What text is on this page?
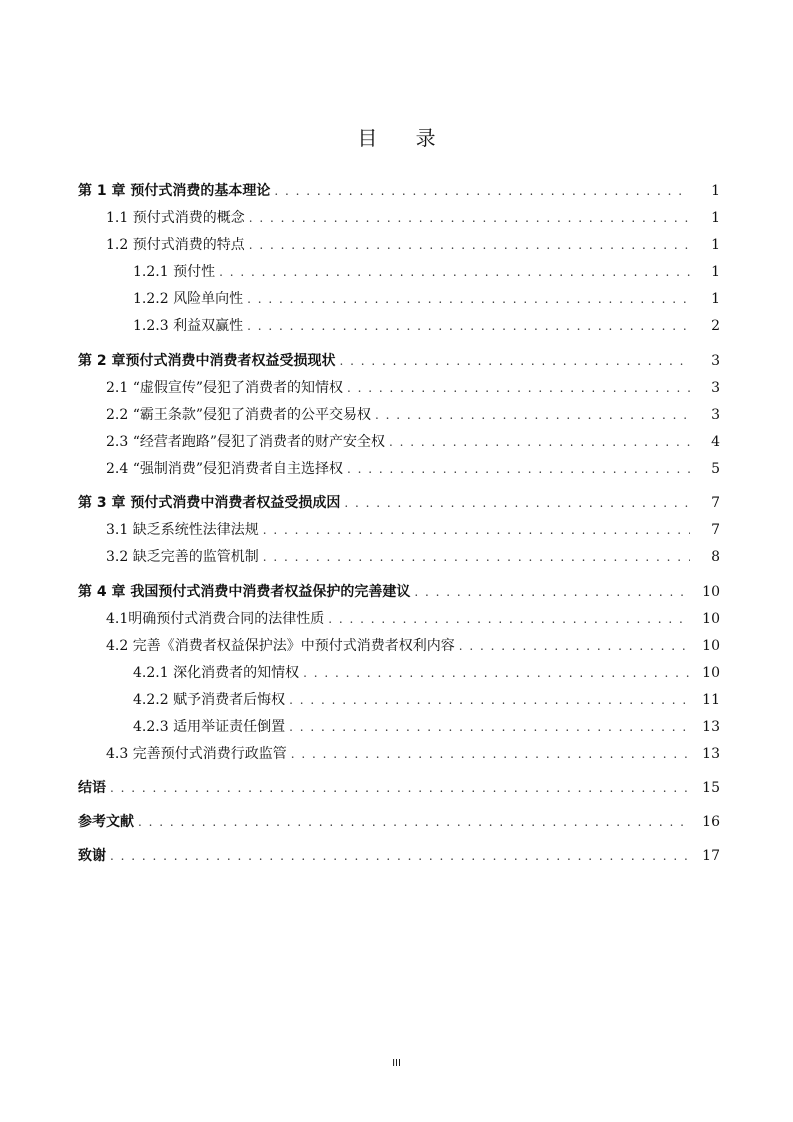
目 录
第 1 章 预付式消费的基本理论 . . .	1
1.1 预付式消费的概念 . . .	1
1.2 预付式消费的特点 . . .	1
1.2.1 预付性 . . .	1
1.2.2 风险单向性 . . .	1
1.2.3 利益双赢性 . . .	2
第 2 章预付式消费中消费者权益受损现状 . . .	3
2.1 “虚假宣传”侵犯了消费者的知情权 . . .	3
2.2 “霸王条款”侵犯了消费者的公平交易权 . . .	3
2.3 “经营者跑路”侵犯了消费者的财产安全权 . . .	4
2.4 “强制消费”侵犯消费者自主选择权 . . .	5
第 3 章 预付式消费中消费者权益受损成因 . . .	7
3.1 缺乏系统性法律法规 . . .	7
3.2 缺乏完善的监管机制 . . .	8
第 4 章 我国预付式消费中消费者权益保护的完善建议 . . .	10
4.1明确预付式消费合同的法律性质 . . .	10
4.2 完善《消费者权益保护法》中预付式消费者权利内容 . . .	10
4.2.1 深化消费者的知情权 . . .	10
4.2.2 赋予消费者后悔权 . . .	11
4.2.3 适用举证责任倒置 . . .	13
4.3 完善预付式消费行政监管 . . .	13
结语 . . .	15
参考文献 . . .	16
致谢 . . .	17
III
